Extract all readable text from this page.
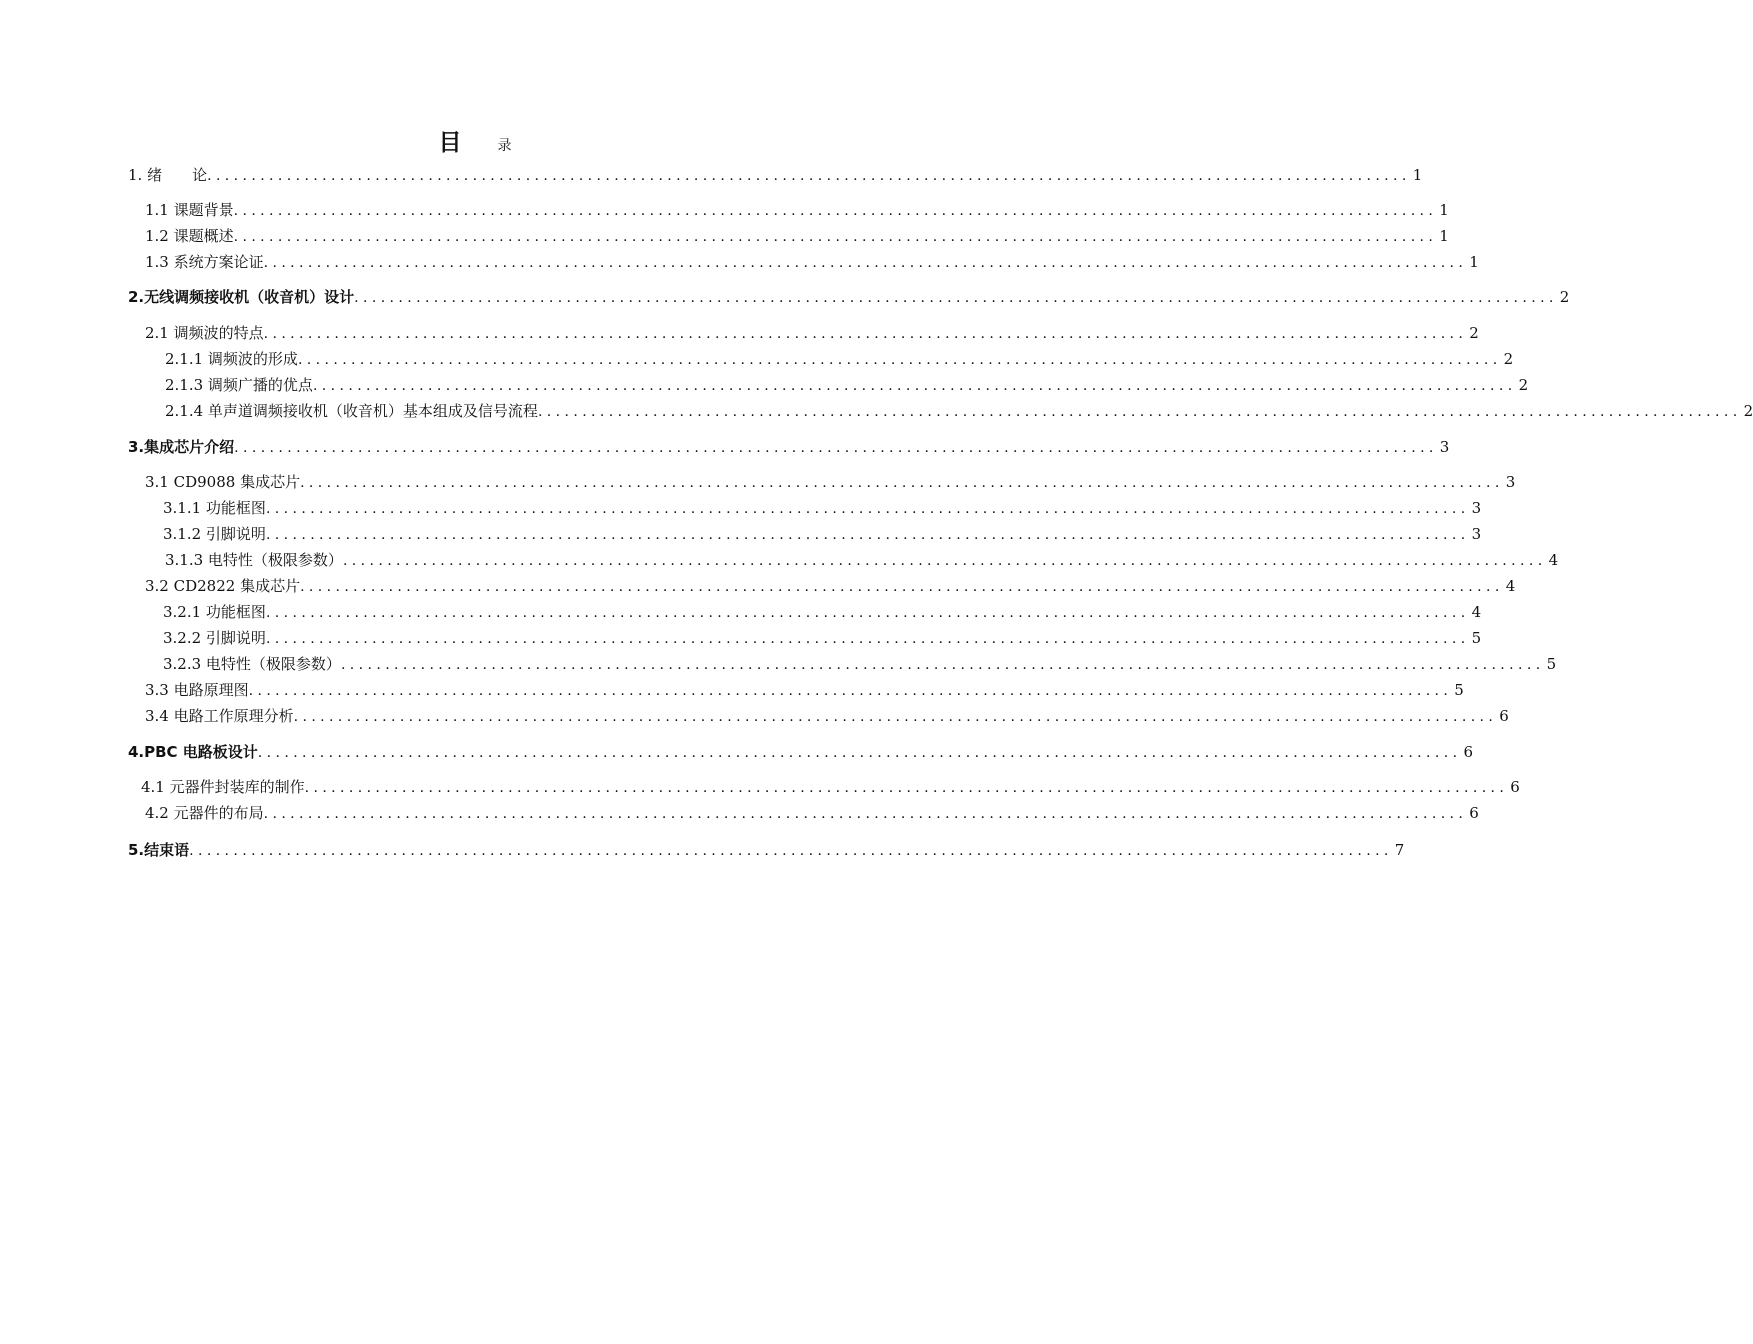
目	录
1. 绪　　论 ........................................................................................................................................ 1
1.1 课题背景 ........................................................................................................................................ 1
1.2 课题概述 ........................................................................................................................................ 1
1.3 系统方案论证 ........................................................................................................................................ 1
2.无线调频接收机（收音机）设计 ........................................................................................................................................ 2
2.1 调频波的特点 ........................................................................................................................................ 2
2.1.1 调频波的形成 ........................................................................................................................................ 2
2.1.3 调频广播的优点 ........................................................................................................................................ 2
2.1.4 单声道调频接收机（收音机）基本组成及信号流程 ........................................................................................................................................ 2
3.集成芯片介绍 ........................................................................................................................................ 3
3.1 CD9088 集成芯片 ........................................................................................................................................ 3
3.1.1 功能框图 ........................................................................................................................................ 3
3.1.2 引脚说明 ........................................................................................................................................ 3
3.1.3 电特性（极限参数） ........................................................................................................................................ 4
3.2 CD2822 集成芯片 ........................................................................................................................................ 4
3.2.1 功能框图 ........................................................................................................................................ 4
3.2.2 引脚说明 ........................................................................................................................................ 5
3.2.3 电特性（极限参数） ........................................................................................................................................ 5
3.3 电路原理图 ........................................................................................................................................ 5
3.4 电路工作原理分析 ........................................................................................................................................ 6
4.PBC 电路板设计 ........................................................................................................................................ 6
4.1 元器件封装库的制作 ........................................................................................................................................ 6
4.2 元器件的布局 ........................................................................................................................................ 6
5.结束语 ........................................................................................................................................ 7
